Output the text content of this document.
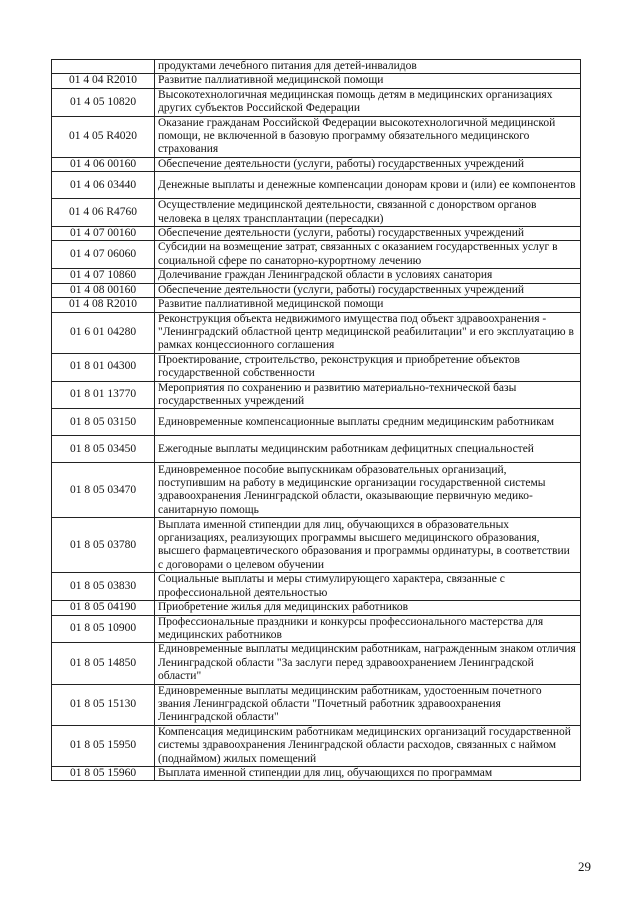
	продуктами лечебного питания для детей-инвалидов
01 4 04 R2010	Развитие паллиативной медицинской помощи
01 4 05 10820	Высокотехнологичная медицинская помощь детям в медицинских организациях других субъектов Российской Федерации
01 4 05 R4020	Оказание гражданам Российской Федерации высокотехнологичной медицинской помощи, не включенной в базовую программу обязательного медицинского страхования
01 4 06 00160	Обеспечение деятельности (услуги, работы) государственных учреждений
01 4 06 03440	Денежные выплаты и денежные компенсации донорам крови и (или) ее компонентов
01 4 06 R4760	Осуществление медицинской деятельности, связанной с донорством органов человека в целях трансплантации (пересадки)
01 4 07 00160	Обеспечение деятельности (услуги, работы) государственных учреждений
01 4 07 06060	Субсидии на возмещение затрат, связанных с оказанием государственных услуг в социальной сфере по санаторно-курортному лечению
01 4 07 10860	Долечивание граждан Ленинградской области в условиях санатория
01 4 08 00160	Обеспечение деятельности (услуги, работы) государственных учреждений
01 4 08 R2010	Развитие паллиативной медицинской помощи
01 6 01 04280	Реконструкция объекта недвижимого имущества под объект здравоохранения - "Ленинградский областной центр медицинской реабилитации" и его эксплуатацию в рамках концессионного соглашения
01 8 01 04300	Проектирование, строительство, реконструкция и приобретение объектов государственной собственности
01 8 01 13770	Мероприятия по сохранению и развитию материально-технической базы государственных учреждений
01 8 05 03150	Единовременные компенсационные выплаты средним медицинским работникам
01 8 05 03450	Ежегодные выплаты медицинским работникам дефицитных специальностей
01 8 05 03470	Единовременное пособие выпускникам образовательных организаций, поступившим на работу в медицинские организации государственной системы здравоохранения Ленинградской области, оказывающие первичную медико-санитарную помощь
01 8 05 03780	Выплата именной стипендии для лиц, обучающихся в образовательных организациях, реализующих программы высшего медицинского образования, высшего фармацевтического образования и программы ординатуры, в соответствии с договорами о целевом обучении
01 8 05 03830	Социальные выплаты и меры стимулирующего характера, связанные с профессиональной деятельностью
01 8 05 04190	Приобретение жилья для медицинских работников
01 8 05 10900	Профессиональные праздники и конкурсы профессионального мастерства для медицинских работников
01 8 05 14850	Единовременные выплаты медицинским работникам, награжденным знаком отличия Ленинградской области "За заслуги перед здравоохранением Ленинградской области"
01 8 05 15130	Единовременные выплаты медицинским работникам, удостоенным почетного звания Ленинградской области "Почетный работник здравоохранения Ленинградской области"
01 8 05 15950	Компенсация медицинским работникам медицинских организаций государственной системы здравоохранения Ленинградской области расходов, связанных с наймом (поднаймом) жилых помещений
01 8 05 15960	Выплата именной стипендии для лиц, обучающихся по программам
29
